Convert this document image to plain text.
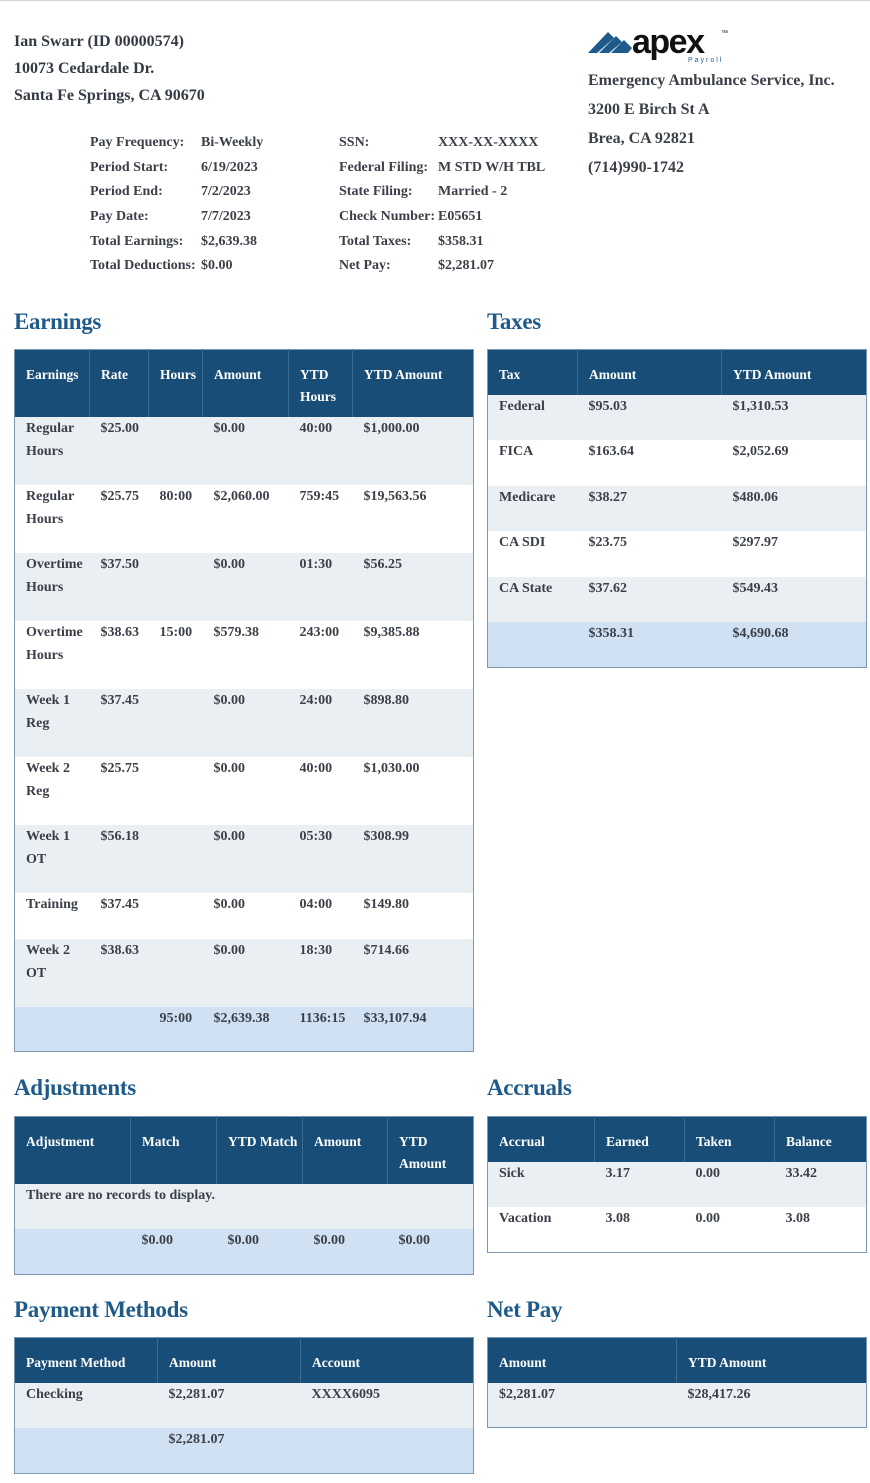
Ian Swarr (ID 00000574)
10073 Cedardale Dr.
Santa Fe Springs, CA 90670
Pay Frequency:	Bi-Weekly
Period Start:	6/19/2023
Period End:	7/2/2023
Pay Date:	7/7/2023
Total Earnings:	$2,639.38
Total Deductions: $0.00
SSN:	XXX-XX-XXXX
Federal Filing: M STD W/H TBL
State Filing:	Married - 2
Check Number: E05651
Total Taxes:	$358.31
Net Pay:	$2,281.07
apex	™
Payroll
Emergency Ambulance Service, Inc.
3200 E Birch St A
Brea, CA 92821
(714)990-1742
Earnings
Earnings	Rate	Hours	Amount	YTD Hours	YTD Amount
Regular Hours	$25.00		$0.00	40:00	$1,000.00
Regular Hours	$25.75	80:00	$2,060.00	759:45	$19,563.56
Overtime Hours	$37.50		$0.00	01:30	$56.25
Overtime Hours	$38.63	15:00	$579.38	243:00	$9,385.88
Week 1 Reg	$37.45		$0.00	24:00	$898.80
Week 2 Reg	$25.75		$0.00	40:00	$1,030.00
Week 1 OT	$56.18		$0.00	05:30	$308.99
Training	$37.45		$0.00	04:00	$149.80
Week 2 OT	$38.63		$0.00	18:30	$714.66
		95:00	$2,639.38	1136:15	$33,107.94
Taxes
Tax	Amount	YTD Amount
Federal	$95.03	$1,310.53
FICA	$163.64	$2,052.69
Medicare	$38.27	$480.06
CA SDI	$23.75	$297.97
CA State	$37.62	$549.43
	$358.31	$4,690.68
Adjustments
Adjustment	Match	YTD Match	Amount	YTD Amount
There are no records to display.				
	$0.00	$0.00	$0.00	$0.00
Accruals
Accrual	Earned	Taken	Balance
Sick	3.17	0.00	33.42
Vacation	3.08	0.00	3.08
Payment Methods
Payment Method	Amount	Account
Checking	$2,281.07	XXXX6095
	$2,281.07	
Net Pay
Amount	YTD Amount
$2,281.07	$28,417.26
